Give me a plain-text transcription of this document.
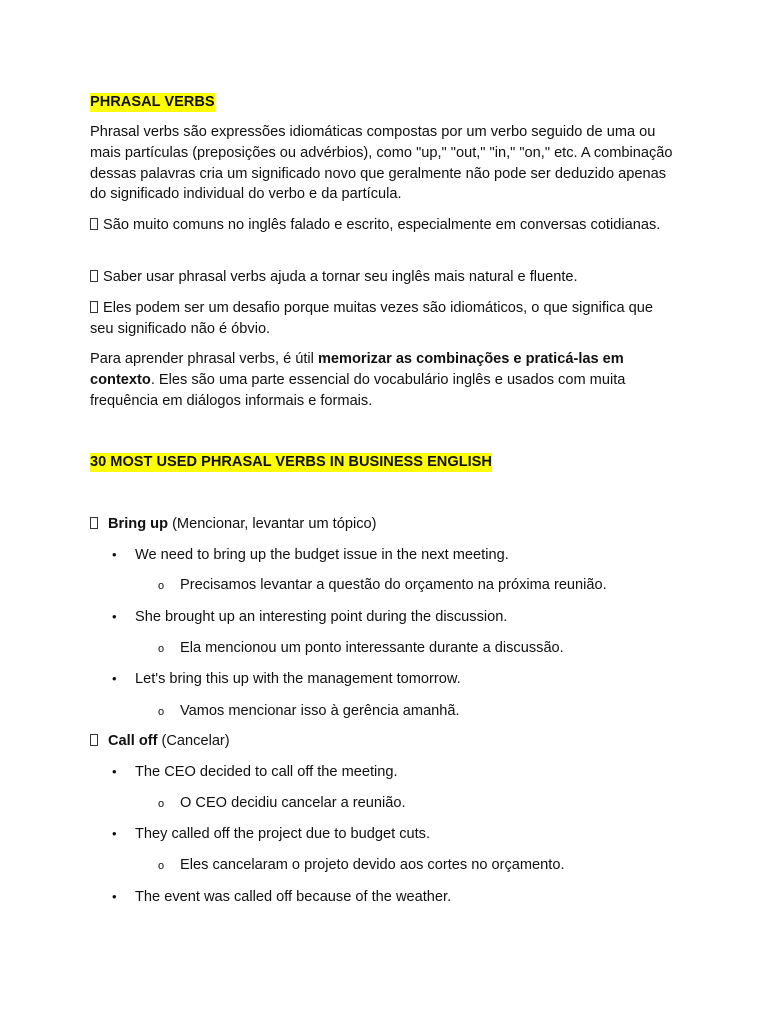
PHRASAL VERBS

Phrasal verbs são expressões idiomáticas compostas por um verbo seguido de uma ou mais partículas (preposições ou advérbios), como "up," "out," "in," "on," etc. A combinação dessas palavras cria um significado novo que geralmente não pode ser deduzido apenas do significado individual do verbo e da partícula.

São muito comuns no inglês falado e escrito, especialmente em conversas cotidianas.

Saber usar phrasal verbs ajuda a tornar seu inglês mais natural e fluente.

Eles podem ser um desafio porque muitas vezes são idiomáticos, o que significa que seu significado não é óbvio.

Para aprender phrasal verbs, é útil memorizar as combinações e praticá-las em contexto. Eles são uma parte essencial do vocabulário inglês e usados com muita frequência em diálogos informais e formais.

30 MOST USED PHRASAL VERBS IN BUSINESS ENGLISH
Bring up (Mencionar, levantar um tópico)
• We need to bring up the budget issue in the next meeting.
o Precisamos levantar a questão do orçamento na próxima reunião.
• She brought up an interesting point during the discussion.
o Ela mencionou um ponto interessante durante a discussão.
• Let's bring this up with the management tomorrow.
o Vamos mencionar isso à gerência amanhã.
Call off (Cancelar)
• The CEO decided to call off the meeting.
o O CEO decidiu cancelar a reunião.
• They called off the project due to budget cuts.
o Eles cancelaram o projeto devido aos cortes no orçamento.
• The event was called off because of the weather.
